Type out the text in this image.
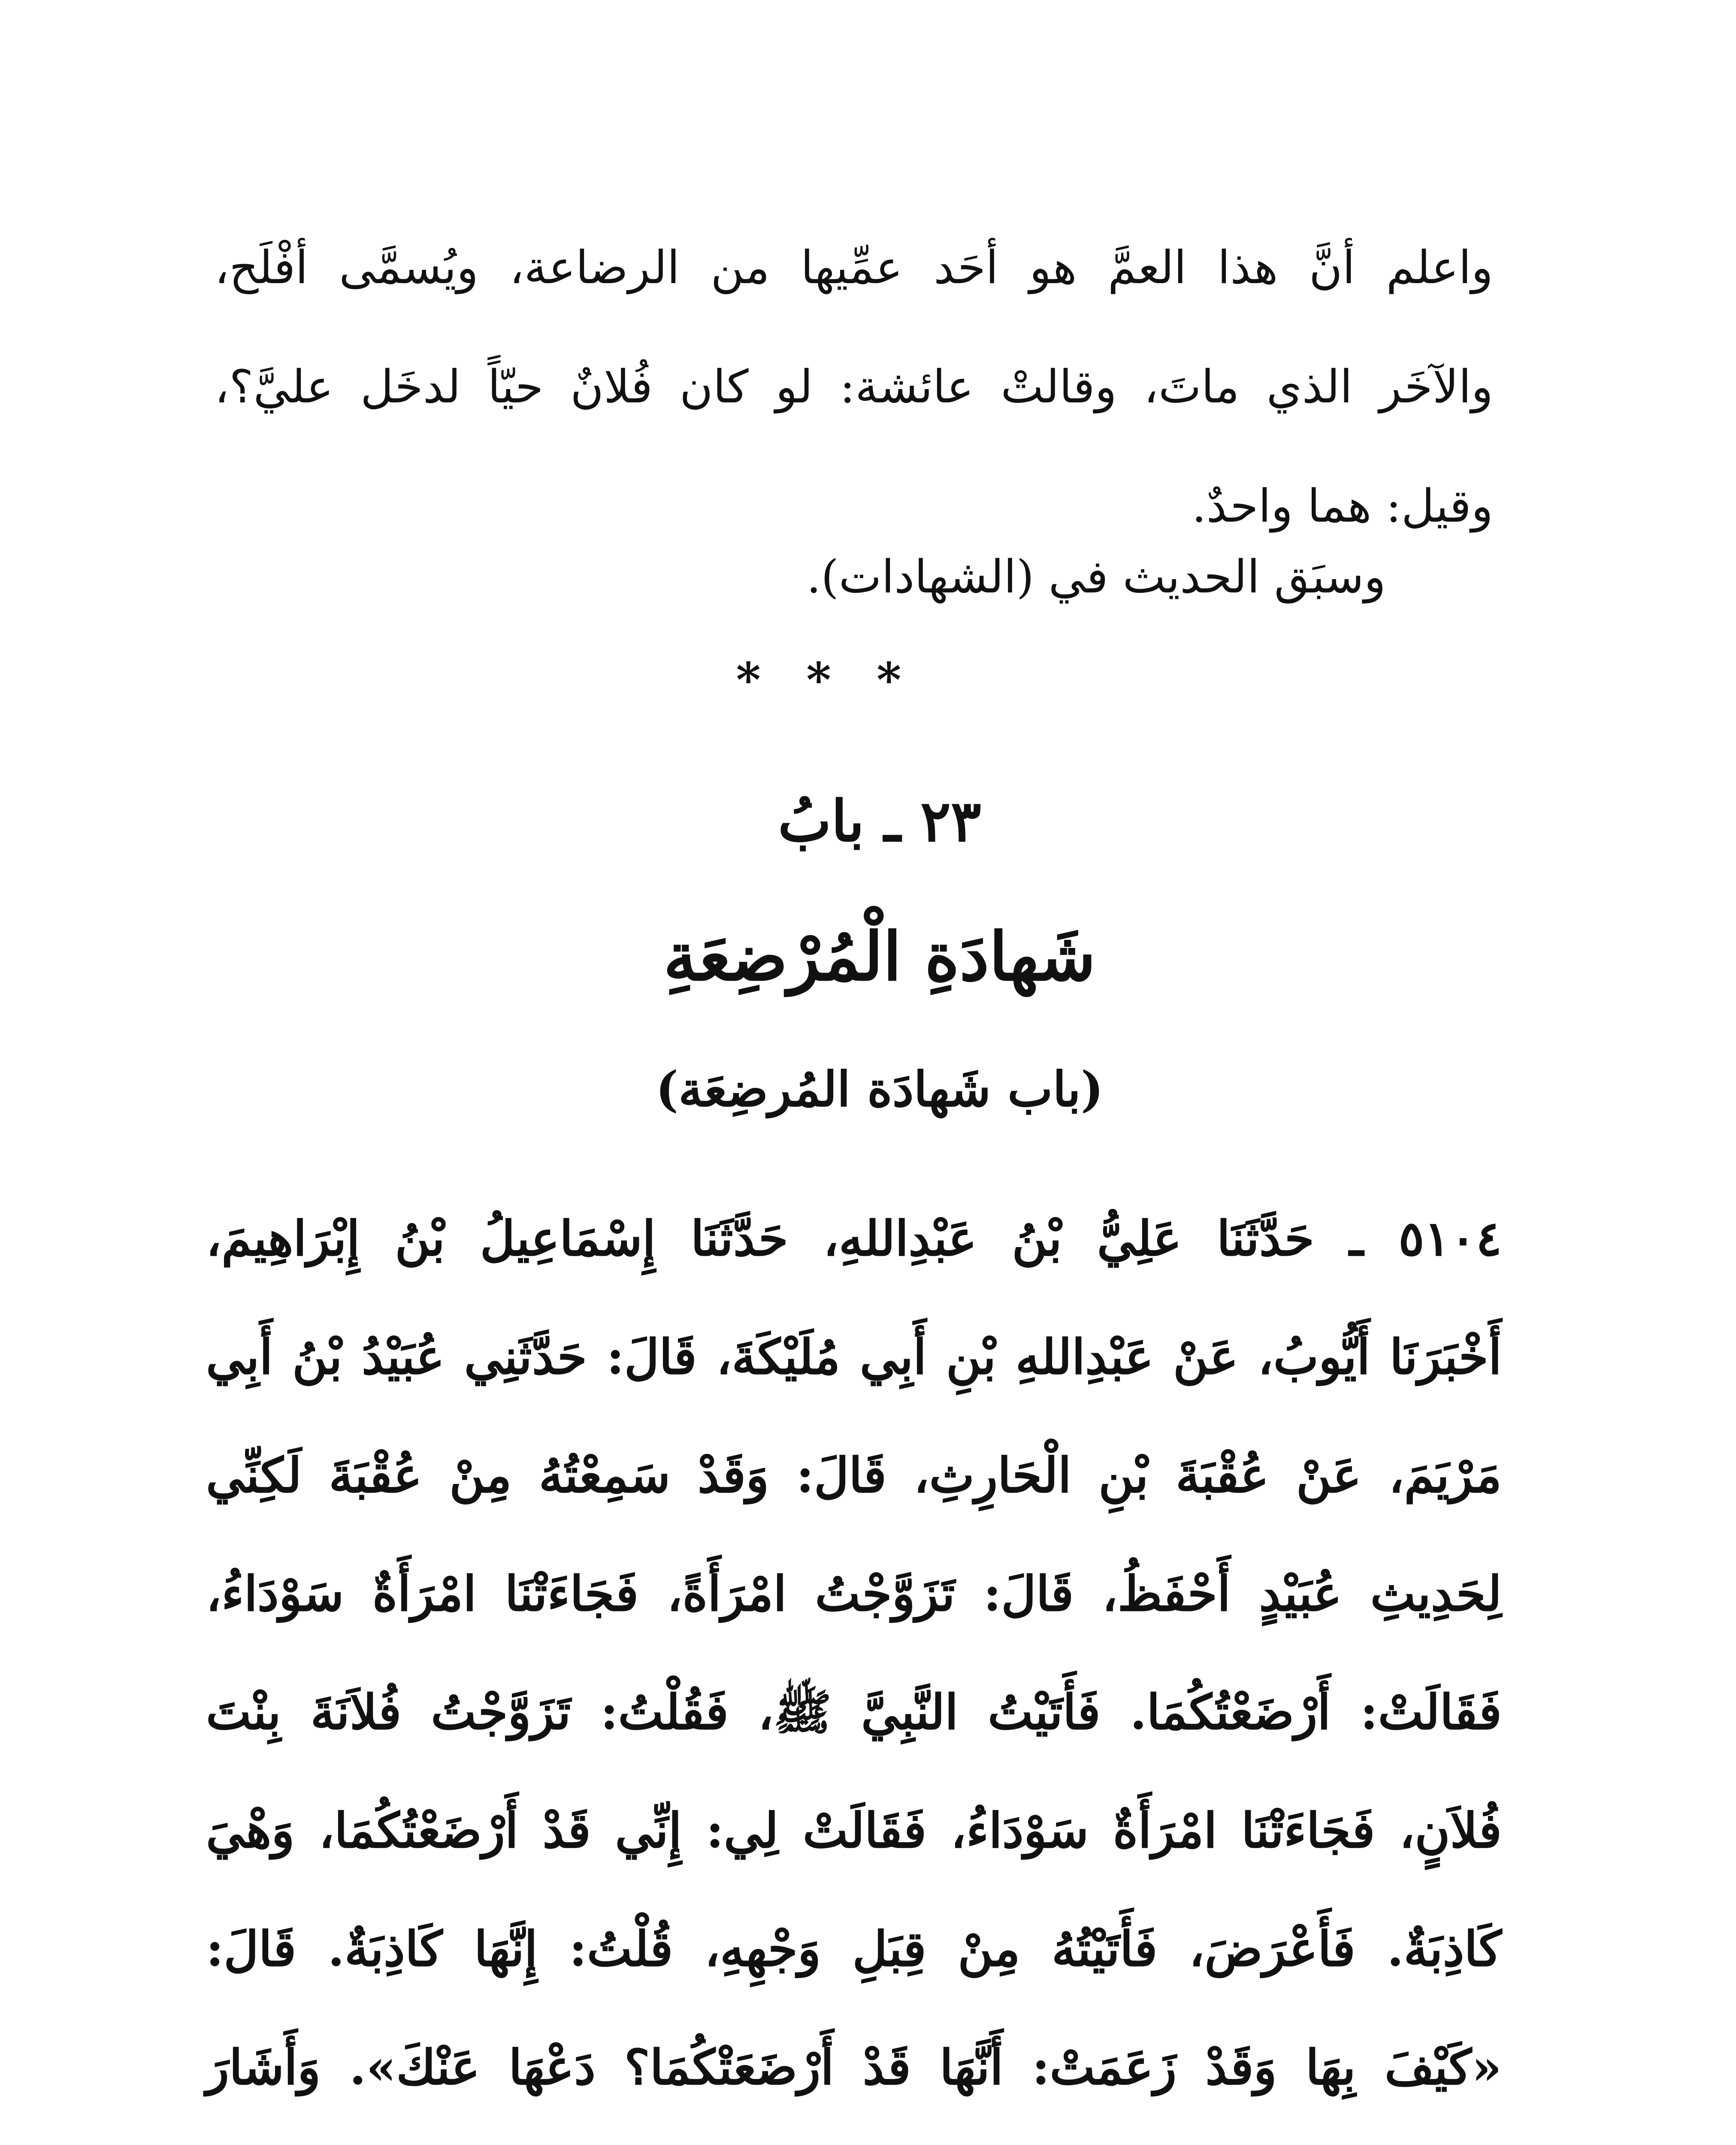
واعلم أنَّ هذا العمَّ هو أحَد عمِّيها من الرضاعة، ويُسمَّى أفْلَح،
والآخَر الذي ماتَ، وقالتْ عائشة: لو كان فُلانٌ حيّاً لدخَل عليَّ؟،
وقيل: هما واحدٌ.
وسبَق الحديث في (الشهادات).
* * *
٢٣ ـ بابُ
شَهادَةِ الْمُرْضِعَةِ
(باب شَهادَة المُرضِعَة)
٥١٠٤ ـ حَدَّثَنَا عَلِيُّ بْنُ عَبْدِاللهِ، حَدَّثَنَا إِسْمَاعِيلُ بْنُ إِبْرَاهِيمَ،
أَخْبَرَنَا أَيُّوبُ، عَنْ عَبْدِاللهِ بْنِ أَبِي مُلَيْكَةَ، قَالَ: حَدَّثَنِي عُبَيْدُ بْنُ أَبِي
مَرْيَمَ، عَنْ عُقْبَةَ بْنِ الْحَارِثِ، قَالَ: وَقَدْ سَمِعْتُهُ مِنْ عُقْبَةَ لَكِنِّي
لِحَدِيثِ عُبَيْدٍ أَحْفَظُ، قَالَ: تَزَوَّجْتُ امْرَأَةً، فَجَاءَتْنَا امْرَأَةٌ سَوْدَاءُ،
فَقَالَتْ: أَرْضَعْتُكُمَا. فَأَتَيْتُ النَّبِيَّ ﷺ، فَقُلْتُ: تَزَوَّجْتُ فُلاَنَةَ بِنْتَ
فُلاَنٍ، فَجَاءَتْنَا امْرَأَةٌ سَوْدَاءُ، فَقَالَتْ لِي: إِنِّي قَدْ أَرْضَعْتُكُمَا، وَهْيَ
كَاذِبَةٌ. فَأَعْرَضَ، فَأَتَيْتُهُ مِنْ قِبَلِ وَجْهِهِ، قُلْتُ: إِنَّهَا كَاذِبَةٌ. قَالَ:
«كَيْفَ بِهَا وَقَدْ زَعَمَتْ: أَنَّهَا قَدْ أَرْضَعَتْكُمَا؟ دَعْهَا عَنْكَ». وَأَشَارَ
